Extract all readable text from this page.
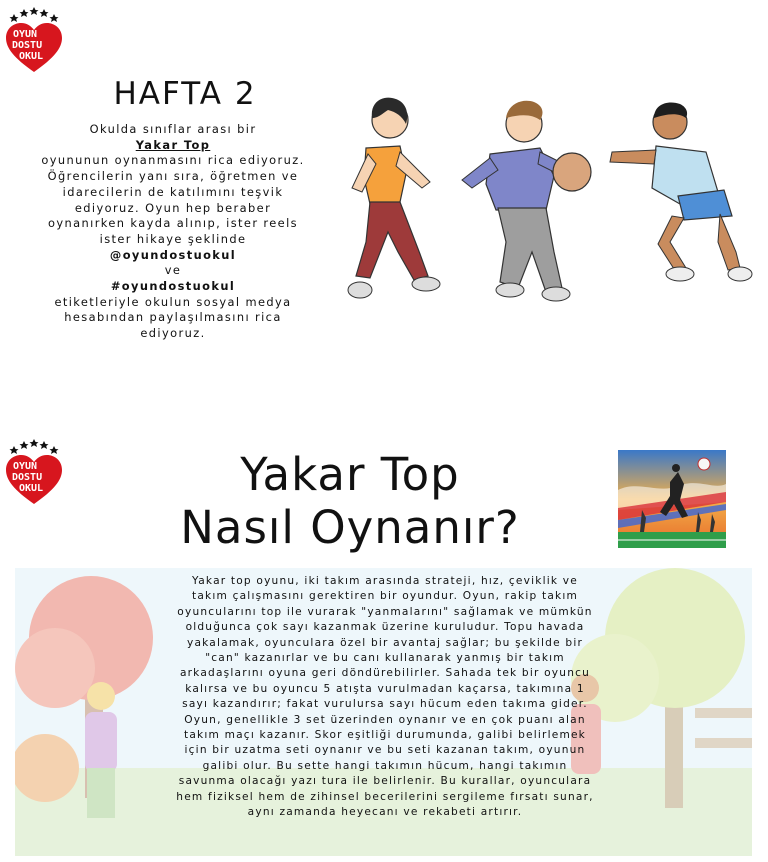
OYUN
DOSTU
OKUL
HAFTA 2

Okulda sınıflar arası bir

Yakar Top

oyununun oynanmasını rica ediyoruz. Öğrencilerin yanı sıra, öğretmen ve idarecilerin de katılımını teşvik ediyoruz. Oyun hep beraber oynanırken kayda alınıp, ister reels ister hikaye şeklinde

@oyundostuokul

ve

#oyundostuokul

etiketleriyle okulun sosyal medya hesabından paylaşılmasını rica ediyoruz.

OYUN
DOSTU
OKUL	Yakar Top
Nasıl Oynanır?
Yakar top oyunu, iki takım arasında strateji, hız, çeviklik ve takım çalışmasını gerektiren bir oyundur. Oyun, rakip takım oyuncularını top ile vurarak "yanmalarını" sağlamak ve mümkün olduğunca çok sayı kazanmak üzerine kuruludur. Topu havada yakalamak, oyunculara özel bir avantaj sağlar; bu şekilde bir "can" kazanırlar ve bu canı kullanarak yanmış bir takım arkadaşlarını oyuna geri döndürebilirler. Sahada tek bir oyuncu kalırsa ve bu oyuncu 5 atışta vurulmadan kaçarsa, takımına 1 sayı kazandırır; fakat vurulursa sayı hücum eden takıma gider. Oyun, genellikle 3 set üzerinden oynanır ve en çok puanı alan takım maçı kazanır. Skor eşitliği durumunda, galibi belirlemek için bir uzatma seti oynanır ve bu seti kazanan takım, oyunun galibi olur. Bu sette hangi takımın hücum, hangi takımın savunma olacağı yazı tura ile belirlenir. Bu kurallar, oyunculara hem fiziksel hem de zihinsel becerilerini sergileme fırsatı sunar, aynı zamanda heyecanı ve rekabeti artırır.
